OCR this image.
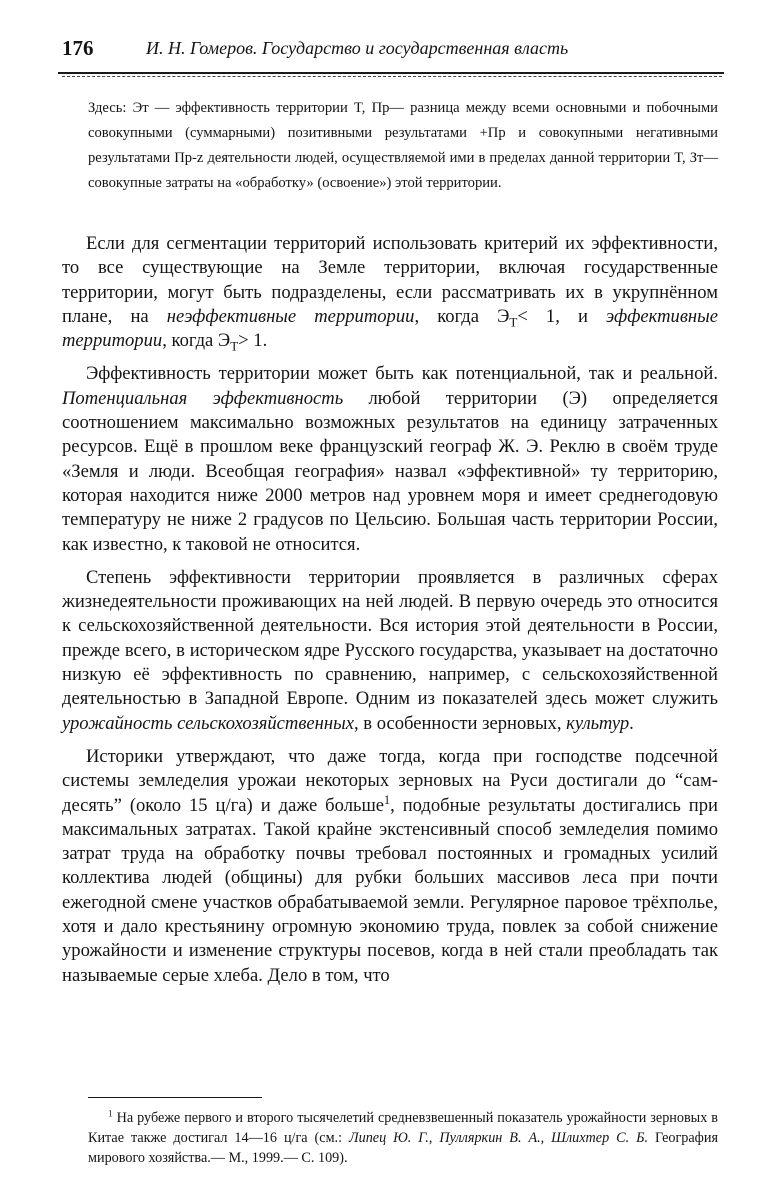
176	И. Н. Гомеров. Государство и государственная власть
Здесь: Эт — эффективность территории T, Пр— разница между всеми основными и побочными совокупными (суммарными) позитивными результатами +Пр и совокупными негативными результатами Пр-z деятельности людей, осуществляемой ими в пределах данной территории T, Зт— совокупные затраты на «обработку» (освоение») этой территории.

Если для сегментации территорий использовать критерий их эффективности, то все существующие на Земле территории, включая государственные территории, могут быть подразделены, если рассматривать их в укрупнённом плане, на неэффективные территории, когда $Э_T< 1$, и эффективные территории, когда $Э_T> 1$.

Эффективность территории может быть как потенциальной, так и реальной. Потенциальная эффективность любой территории (Э) определяется соотношением максимально возможных результатов на единицу затраченных ресурсов. Ещё в прошлом веке французский географ Ж. Э. Реклю в своём труде «Земля и люди. Всеобщая география» назвал «эффективной» ту территорию, которая находится ниже 2000 метров над уровнем моря и имеет среднегодовую температуру не ниже 2 градусов по Цельсию. Большая часть территории России, как известно, к таковой не относится.

Степень эффективности территории проявляется в различных сферах жизнедеятельности проживающих на ней людей. В первую очередь это относится к сельскохозяйственной деятельности. Вся история этой деятельности в России, прежде всего, в историческом ядре Русского государства, указывает на достаточно низкую её эффективность по сравнению, например, с сельскохозяйственной деятельностью в Западной Европе. Одним из показателей здесь может служить урожайность сельскохозяйственных, в особенности зерновых, культур.

Историки утверждают, что даже тогда, когда при господстве подсечной системы земледелия урожаи некоторых зерновых на Руси достигали до “сам-десять” (около 15 ц/га) и даже больше$^1$, подобные результаты достигались при максимальных затратах. Такой крайне экстенсивный способ земледелия помимо затрат труда на обработку почвы требовал постоянных и громадных усилий коллектива людей (общины) для рубки больших массивов леса при почти ежегодной смене участков обрабатываемой земли. Регулярное паровое трёхполье, хотя и дало крестьянину огромную экономию труда, повлек за собой снижение урожайности и изменение структуры посевов, когда в ней стали преобладать так называемые серые хлеба. Дело в том, что

$^1$ На рубеже первого и второго тысячелетий средневзвешенный показатель урожайности зерновых в Китае также достигал 14—16 ц/га (см.: Липец Ю. Г., Пулляркин В. А., Шлихтер С. Б. География мирового хозяйства.— М., 1999.— С. 109).
